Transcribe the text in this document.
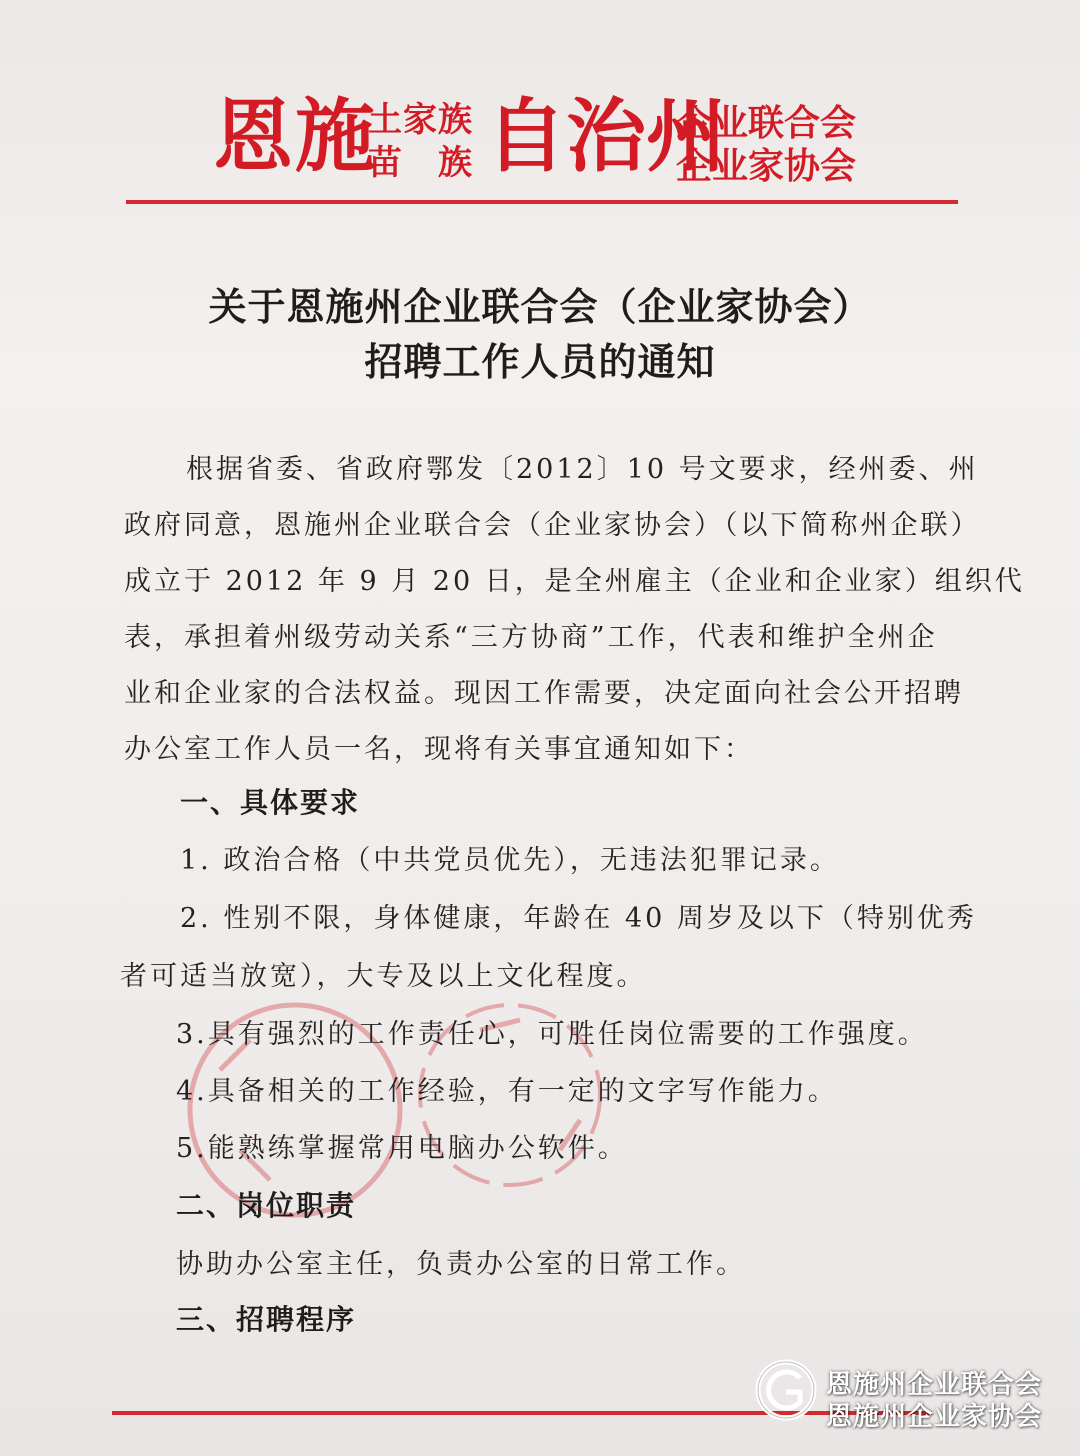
恩施
土家族
苗　族 自治州
企业联合会
企业家协会
关于恩施州企业联合会（企业家协会）
招聘工作人员的通知
根据省委、省政府鄂发〔2012〕10 号文要求，经州委、州
政府同意，恩施州企业联合会（企业家协会）（以下简称州企联）
成立于 2012 年 9 月 20 日，是全州雇主（企业和企业家）组织代
表，承担着州级劳动关系“三方协商”工作，代表和维护全州企
业和企业家的合法权益。现因工作需要，决定面向社会公开招聘
办公室工作人员一名，现将有关事宜通知如下：
一、具体要求
1. 政治合格（中共党员优先），无违法犯罪记录。
2. 性别不限，身体健康，年龄在 40 周岁及以下（特别优秀
者可适当放宽），大专及以上文化程度。
3.具有强烈的工作责任心，可胜任岗位需要的工作强度。
4.具备相关的工作经验，有一定的文字写作能力。
5.能熟练掌握常用电脑办公软件。
二、岗位职责
协助办公室主任，负责办公室的日常工作。
三、招聘程序
恩施州企业联合会
恩施州企业家协会
